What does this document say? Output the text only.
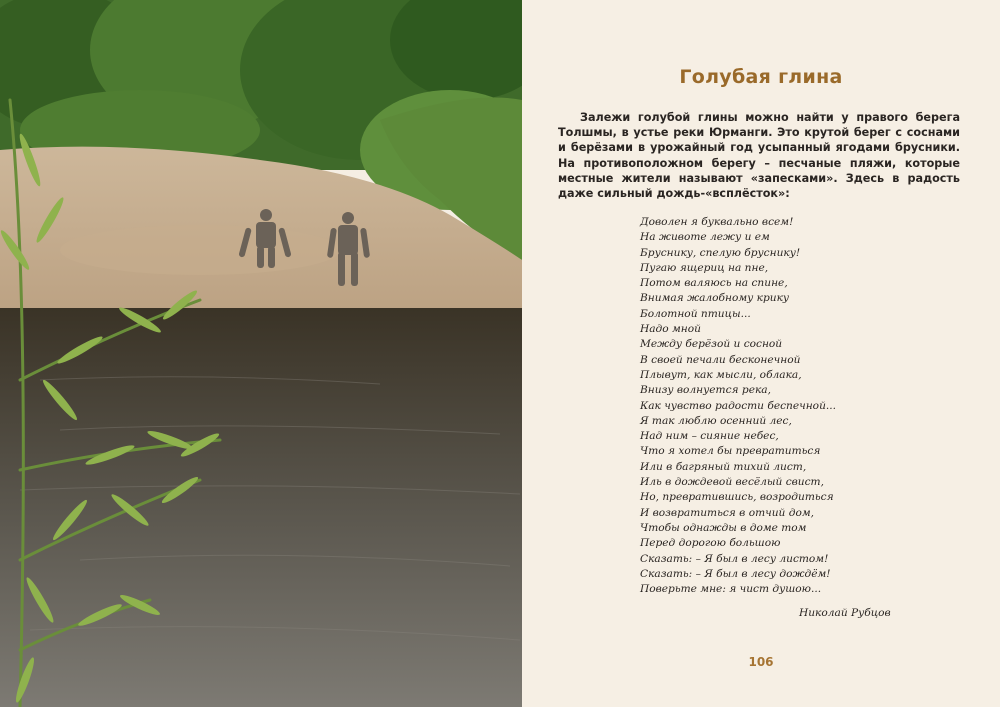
Голубая глина

Залежи голубой глины можно найти у правого берега Толшмы, в устье реки Юрманги. Это крутой берег с соснами и берёзами в урожайный год усыпанный ягодами брусники. На противоположном берегу – песчаные пляжи, которые местные жители называют «запесками». Здесь в радость даже сильный дождь-«всплёсток»:

Доволен я буквально всем!
На животе лежу и ем
Бруснику, спелую бруснику!
Пугаю ящериц на пне,
Потом валяюсь на спине,
Внимая жалобному крику
Болотной птицы...
Надо мной
Между берёзой и сосной
В своей печали бесконечной
Плывут, как мысли, облака,
Внизу волнуется река,
Как чувство радости беспечной...
Я так люблю осенний лес,
Над ним – сияние небес,
Что я хотел бы превратиться
Или в багряный тихий лист,
Иль в дождевой весёлый свист,
Но, превратившись, возродиться
И возвратиться в отчий дом,
Чтобы однажды в доме том
Перед дорогою большою
Сказать: – Я был в лесу листом!
Сказать: – Я был в лесу дождём!
Поверьте мне: я чист душою...
Николай Рубцов
106
